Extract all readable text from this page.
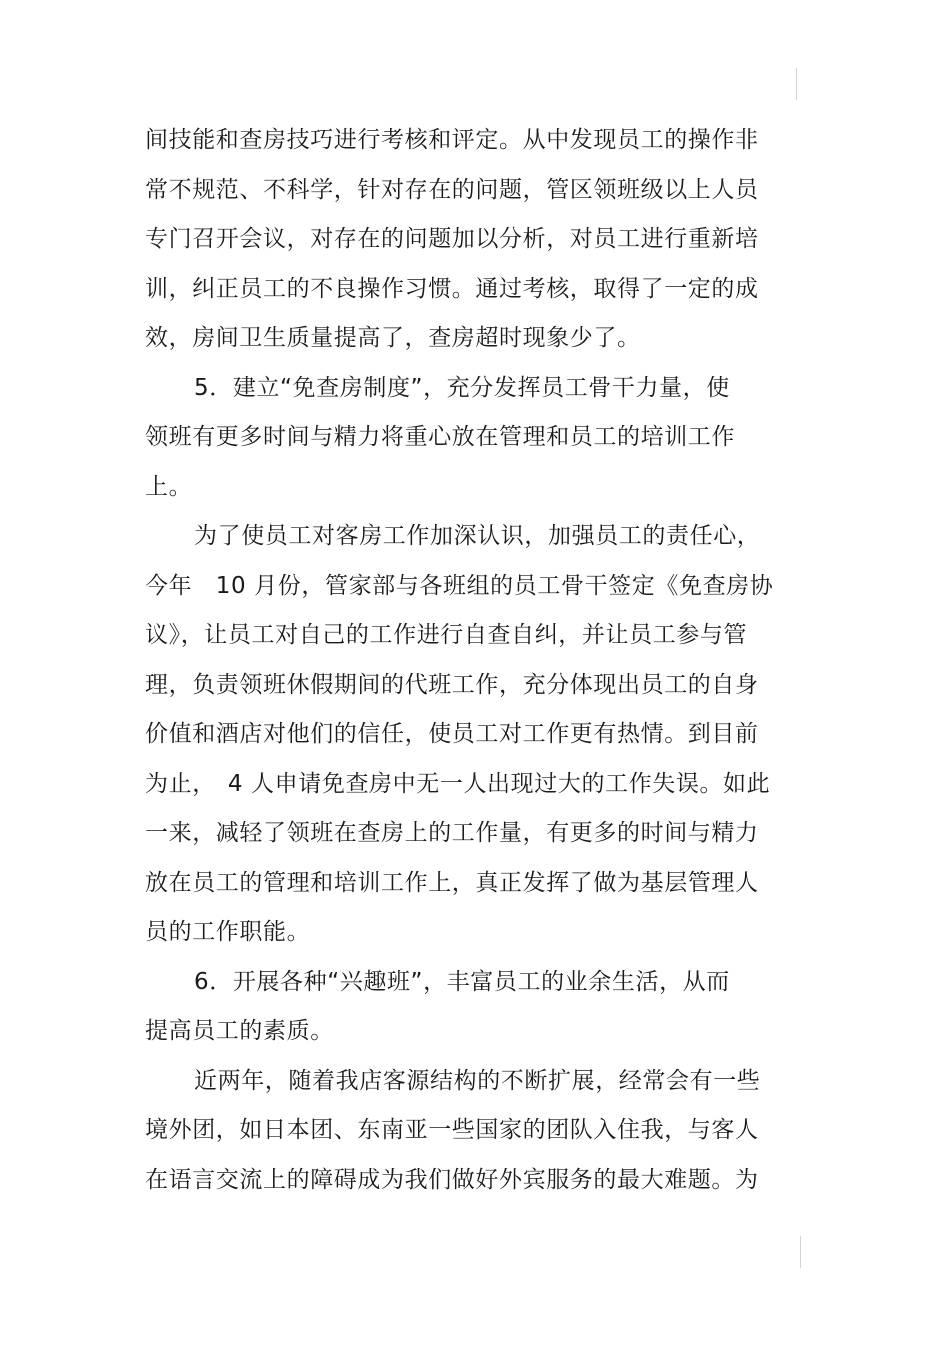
间技能和查房技巧进行考核和评定。从中发现员工的操作非
常不规范、不科学，针对存在的问题，管区领班级以上人员
专门召开会议，对存在的问题加以分析，对员工进行重新培
训，纠正员工的不良操作习惯。通过考核，取得了一定的成
效，房间卫生质量提高了，查房超时现象少了。
5．建立“免查房制度”，充分发挥员工骨干力量，使
领班有更多时间与精力将重心放在管理和员工的培训工作
上。
为了使员工对客房工作加深认识，加强员工的责任心，
今年　10 月份，管家部与各班组的员工骨干签定《免查房协
议》，让员工对自己的工作进行自查自纠，并让员工参与管
理，负责领班休假期间的代班工作，充分体现出员工的自身
价值和酒店对他们的信任，使员工对工作更有热情。到目前
为止，　4 人申请免查房中无一人出现过大的工作失误。如此
一来，减轻了领班在查房上的工作量，有更多的时间与精力
放在员工的管理和培训工作上，真正发挥了做为基层管理人
员的工作职能。
6．开展各种“兴趣班”，丰富员工的业余生活，从而
提高员工的素质。
近两年，随着我店客源结构的不断扩展，经常会有一些
境外团，如日本团、东南亚一些国家的团队入住我，与客人
在语言交流上的障碍成为我们做好外宾服务的最大难题。为
